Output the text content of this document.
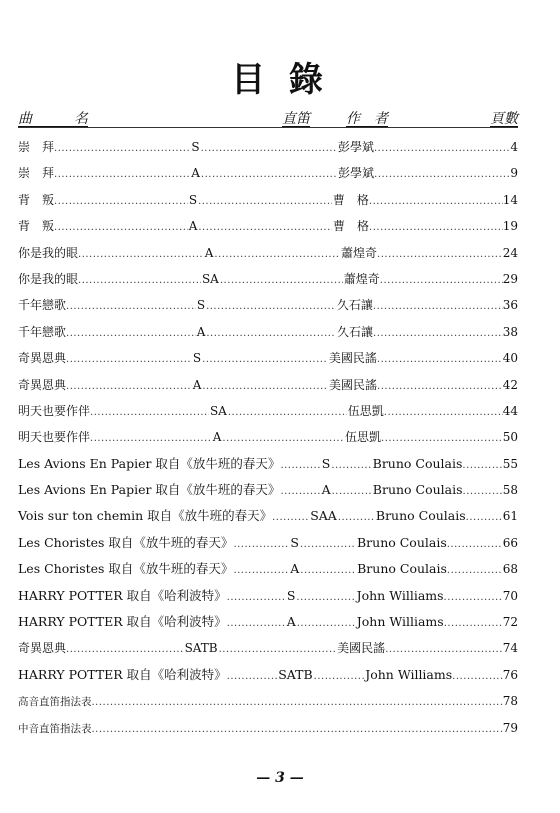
目 錄
曲　　　名	直笛	作　者	頁數
崇　拜 .....	S .....	彭學斌 .....	4
崇　拜 .....	A .....	彭學斌 .....	9
背　叛 .....	S .....	曹　格 .....	14
背　叛 .....	A .....	曹　格 .....	19
你是我的眼 .....	A .....	蕭煌奇 .....	24
你是我的眼 .....	SA .....	蕭煌奇 .....	29
千年戀歌 .....	S .....	久石讓 .....	36
千年戀歌 .....	A .....	久石讓 .....	38
奇異恩典 .....	S .....	美國民謠 .....	40
奇異恩典 .....	A .....	美國民謠 .....	42
明天也要作伴 .....	SA .....	伍思凱 .....	44
明天也要作伴 .....	A .....	伍思凱 .....	50
Les Avions En Papier 取自《放牛班的春天》 .....	S .....	Bruno Coulais .....	55
Les Avions En Papier 取自《放牛班的春天》 .....	A .....	Bruno Coulais .....	58
Vois sur ton chemin 取自《放牛班的春天》 .....	SAA .....	Bruno Coulais .....	61
Les Choristes 取自《放牛班的春天》 .....	S .....	Bruno Coulais .....	66
Les Choristes 取自《放牛班的春天》 .....	A .....	Bruno Coulais .....	68
HARRY POTTER 取自《哈利波特》 .....	S .....	John Williams .....	70
HARRY POTTER 取自《哈利波特》 .....	A .....	John Williams .....	72
奇異恩典 .....	SATB .....	美國民謠 .....	74
HARRY POTTER 取自《哈利波特》 .....	SATB .....	John Williams .....	76
高音直笛指法表 .....	78
中音直笛指法表 .....	79
— 3 —
